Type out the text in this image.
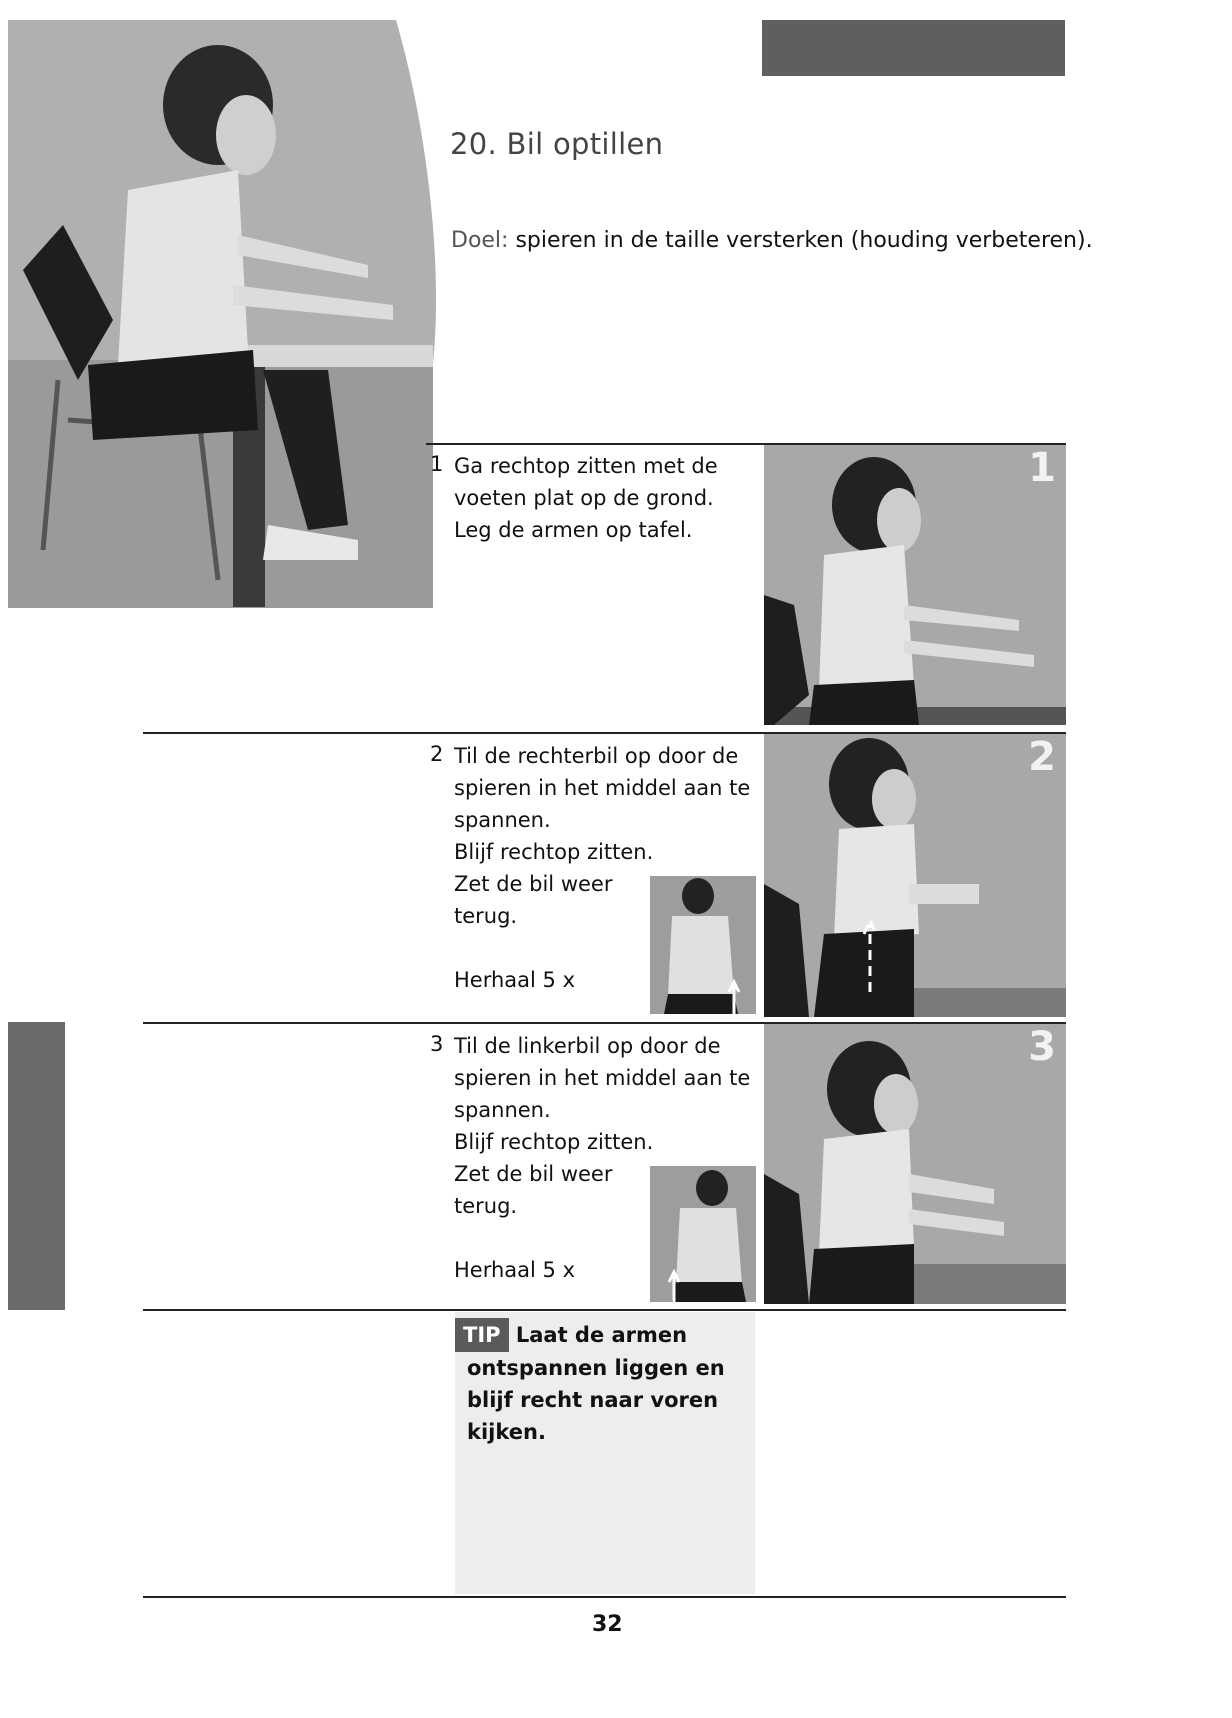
20. Bil optillen
Doel: spieren in de taille versterken (houding verbeteren).
1 Ga rechtop zitten met de
voeten plat op de grond.
Leg de armen op tafel.
1
2 Til de rechterbil op door de
spieren in het middel aan te
spannen.
Blijf rechtop zitten.
Zet de bil weer
terug.
Herhaal 5 x
2
3 Til de linkerbil op door de
spieren in het middel aan te
spannen.
Blijf rechtop zitten.
Zet de bil weer
terug.
Herhaal 5 x
3
TIP Laat de armen
ontspannen liggen en
blijf recht naar voren
kijken.
32
